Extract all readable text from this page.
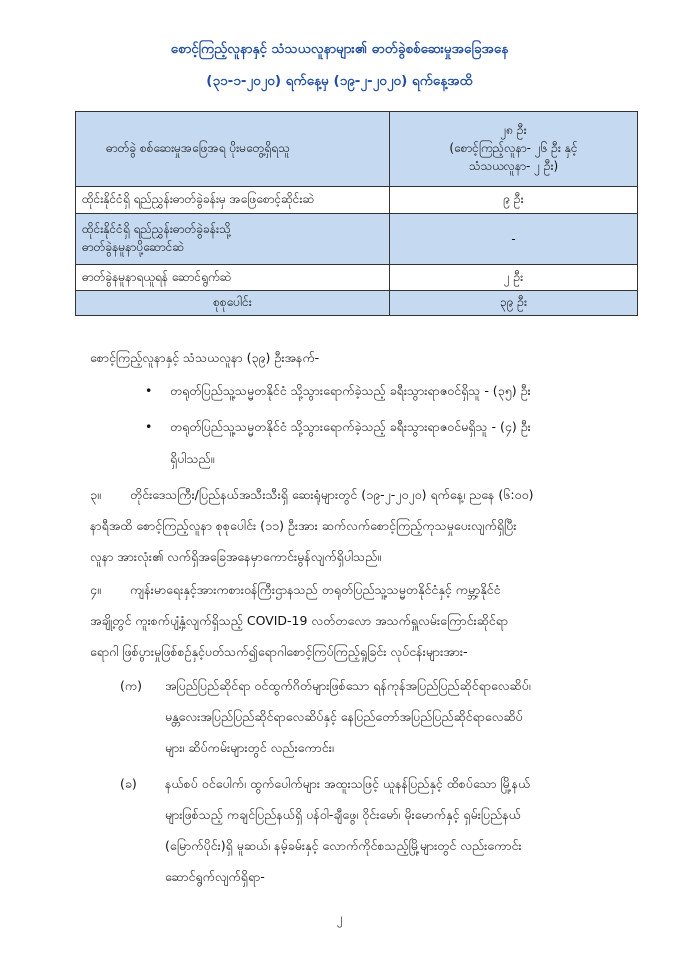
စောင့်ကြည့်လူနာနှင့် သံသယလူနာများ၏ ဓာတ်ခွဲစစ်ဆေးမှုအခြေအနေ
(၃၁-၁-၂၀၂၀) ရက်နေ့မှ (၁၉-၂-၂၀၂၀) ရက်နေ့အထိ
ဓာတ်ခွဲ စစ်ဆေးမှုအဖြေအရ ပိုးမတွေ့ရှိရသူ	၂၈ ဦး
(စောင့်ကြည့်လူနာ- ၂၆ ဦး နှင့်
သံသယလူနာ- ၂ ဦး)

ထိုင်းနိုင်ငံရှိ ရည်ညွှန်းဓာတ်ခွဲခန်းမှ အဖြေစောင့်ဆိုင်းဆဲ	၉ ဦး

ထိုင်းနိုင်ငံရှိ ရည်ညွှန်းဓာတ်ခွဲခန်းသို့
ဓာတ်ခွဲနမူနာပို့ဆောင်ဆဲ	-
ဓာတ်ခွဲနမူနာရယူရန် ဆောင်ရွက်ဆဲ	၂ ဦး
စုစုပေါင်း	၃၉ ဦး
စောင့်ကြည့်လူနာနှင့် သံသယလူနာ (၃၉) ဦးအနက်-
• တရုတ်ပြည်သူ့သမ္မတနိုင်ငံ သို့သွားရောက်ခဲ့သည့် ခရီးသွားရာဇဝင်ရှိသူ - (၃၅) ဦး
• တရုတ်ပြည်သူ့သမ္မတနိုင်ငံ သို့သွားရောက်ခဲ့သည့် ခရီးသွားရာဇဝင်မရှိသူ - (၄) ဦး
ရှိပါသည်။
၃။ တိုင်းဒေသကြီး/ပြည်နယ်အသီးသီးရှိ ဆေးရုံများတွင် (၁၉-၂-၂၀၂၀) ရက်နေ့၊ ညနေ (၆:၀၀)
နာရီအထိ စောင့်ကြည့်လူနာ စုစုပေါင်း (၁၁) ဦးအား ဆက်လက်စောင့်ကြည့်ကုသမှုပေးလျက်ရှိပြီး
လူနာ အားလုံး၏ လက်ရှိအခြေအနေမှာကောင်းမွန်လျက်ရှိပါသည်။
၄။ ကျန်းမာရေးနှင့်အားကစားဝန်ကြီးဌာနသည် တရုတ်ပြည်သူ့သမ္မတနိုင်ငံနှင့် ကမ္ဘာ့နိုင်ငံ
အချို့တွင် ကူးစက်ပျံ့နှံ့လျက်ရှိသည့် COVID-19 လတ်တလော အသက်ရှူလမ်းကြောင်းဆိုင်ရာ
ရောဂါ ဖြစ်ပွားမှုဖြစ်စဉ်နှင့်ပတ်သက်၍ရောဂါစောင့်ကြပ်ကြည့်ရှုခြင်း လုပ်ငန်းများအား-
(က) အပြည်ပြည်ဆိုင်ရာ ဝင်ထွက်ဂိတ်များဖြစ်သော ရန်ကုန်အပြည်ပြည်ဆိုင်ရာလေဆိပ်၊
မန္တလေးအပြည်ပြည်ဆိုင်ရာလေဆိပ်နှင့် နေပြည်တော်အပြည်ပြည်ဆိုင်ရာလေဆိပ်
များ၊ ဆိပ်ကမ်းများတွင် လည်းကောင်း၊
(ခ) နယ်စပ် ဝင်ပေါက်၊ ထွက်ပေါက်များ အထူးသဖြင့် ယူနန်ပြည်နှင့် ထိစပ်သော မြို့နယ်
များဖြစ်သည့် ကချင်ပြည်နယ်ရှိ ပန်ဝါ-ချီဖွေ၊ ဝိုင်းမော်၊ မိုးမောက်နှင့် ရှမ်းပြည်နယ်
(မြောက်ပိုင်း)ရှိ မူဆယ်၊ နမ့်ခမ်းနှင့် လောက်ကိုင်စသည့်မြို့များတွင် လည်းကောင်း
ဆောင်ရွက်လျက်ရှိရာ-
၂
